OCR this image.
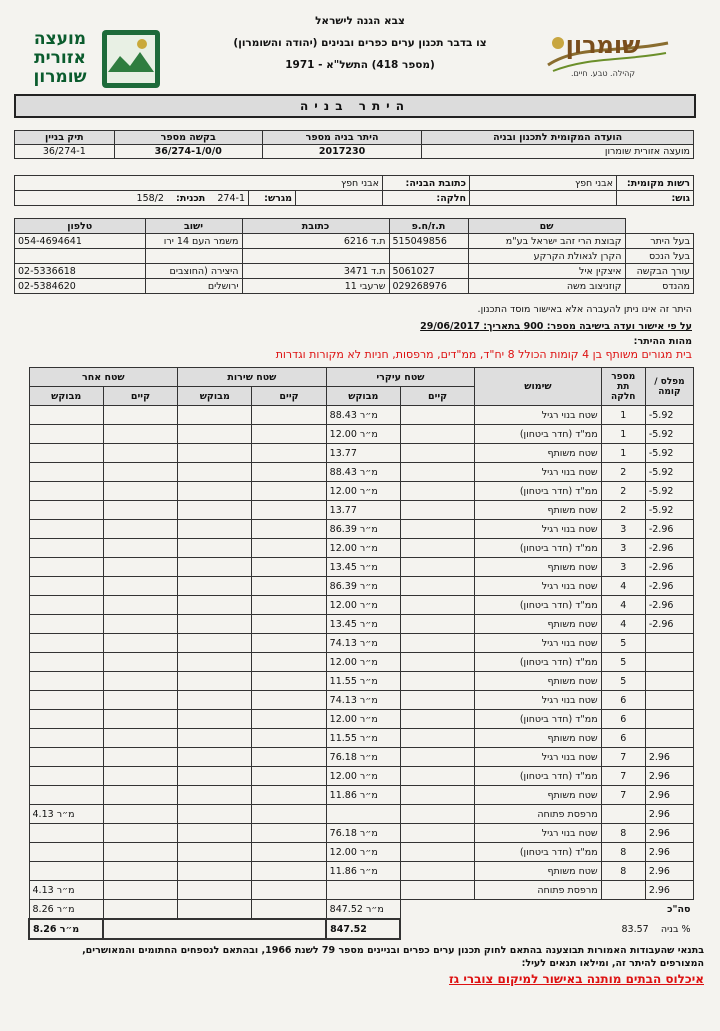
צבא הגנה לישראל
צו בדבר תכנון ערים כפרים ובנינים (יהודה והשומרון)
(מספר 418) התשל"א - 1971
שומרון
קהילה. טבע. חיים.
מועצה אזורית שומרון
היתר בניה
הועדה המקומית לתכנון ובניה	היתר בניה מספר	בקשה מספר	תיק בניין
מועצה אזורית שומרון	2017230	36/274-1/0/0	36/274-1
רשות מקומית:	אבני חפץ	כתובת הבניה:	אבני חפץ		
גוש:		חלקה:		מגרש:	274-1    תכנית:    158/2
	שם	ת.ז/ח.פ	כתובת	ישוב	טלפון
בעל היתר	קבוצת הרי זהב ישראל בע"מ	515049856	ת.ד 6216	משמר העם 14 ירו	054-4694641
בעל הנכס	הקרן לגאולת הקרקע				
עורך הבקשה	איצקין איל	5061027	ת.ד 3471	היצירה (החוצבים	02-5336618
מהנדס	קוזניצוב משה	029268976	שרעבי 11	ירושלים	02-5384620
היתר זה אינו ניתן להעברה אלא באישור מוסד התכנון.
על פי אישור ועדה בישיבה מספר: 900 בתאריך: 29/06/2017
מהות ההיתר:
בית מגורים משותף בן 4 קומות הכולל 8 יח"ד, ממ"דים, מרפסות, חניות לא מקורות וגדרות
מפלס / קומה	מספר תת חלקה	שימוש	שטח עיקרי		שטח שירות		שטח אחר	
			קיים	מבוקש	קיים	מבוקש	קיים	מבוקש
-5.92	1	שטח בנוי רגיל		88.43 מ״ר				
-5.92	1	ממ"ד (חדר ביטחון)		12.00 מ״ר				
-5.92	1	שטח משותף		13.77				
-5.92	2	שטח בנוי רגיל		88.43 מ״ר				
-5.92	2	ממ"ד (חדר ביטחון)		12.00 מ״ר				
-5.92	2	שטח משותף		13.77				
-2.96	3	שטח בנוי רגיל		86.39 מ״ר				
-2.96	3	ממ"ד (חדר ביטחון)		12.00 מ״ר				
-2.96	3	שטח משותף		13.45 מ״ר				
-2.96	4	שטח בנוי רגיל		86.39 מ״ר				
-2.96	4	ממ"ד (חדר ביטחון)		12.00 מ״ר				
-2.96	4	שטח משותף		13.45 מ״ר				
	5	שטח בנוי רגיל		74.13 מ״ר				
	5	ממ"ד (חדר ביטחון)		12.00 מ״ר				
	5	שטח משותף		11.55 מ״ר				
	6	שטח בנוי רגיל		74.13 מ״ר				
	6	ממ"ד (חדר ביטחון)		12.00 מ״ר				
	6	שטח משותף		11.55 מ״ר				
2.96	7	שטח בנוי רגיל		76.18 מ״ר				
2.96	7	ממ"ד (חדר ביטחון)		12.00 מ״ר				
2.96	7	שטח משותף		11.86 מ״ר				
2.96		מרפסת פתוחה						4.13 מ״ר
2.96	8	שטח בנוי רגיל		76.18 מ״ר				
2.96	8	ממ"ד (חדר ביטחון)		12.00 מ״ר				
2.96	8	שטח משותף		11.86 מ״ר				
2.96		מרפסת פתוחה						4.13 מ״ר
סה"כ				847.52 מ״ר				8.26 מ״ר
% בניה    83.57				847.52				8.26 מ״ר
בתנאי שהעבודות האמורות תבוצענה בהתאם לחוק תכנון ערים כפרים ובניינים מספר 79 לשנת 1966, ובהתאם לנספחים החתומים והמאושרים,
המצורפים להיתר זה, ומילאו תנאים לעיל:
איכלוס הבתים מותנה באישור למיקום צוברי גז
